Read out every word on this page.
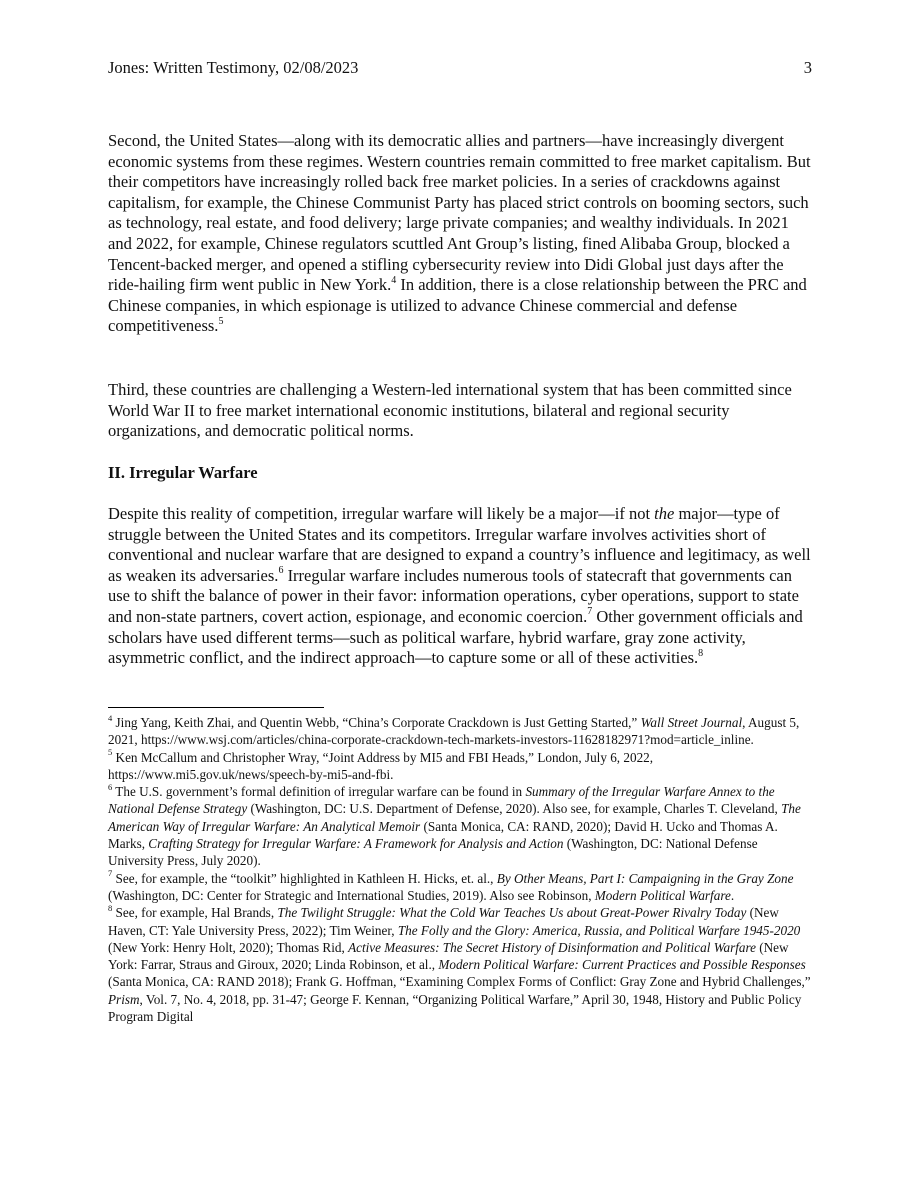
Jones: Written Testimony, 02/08/2023	3

Second, the United States—along with its democratic allies and partners—have increasingly divergent economic systems from these regimes. Western countries remain committed to free market capitalism. But their competitors have increasingly rolled back free market policies. In a series of crackdowns against capitalism, for example, the Chinese Communist Party has placed strict controls on booming sectors, such as technology, real estate, and food delivery; large private companies; and wealthy individuals. In 2021 and 2022, for example, Chinese regulators scuttled Ant Group’s listing, fined Alibaba Group, blocked a Tencent-backed merger, and opened a stifling cybersecurity review into Didi Global just days after the ride-hailing firm went public in New York.$^4$ In addition, there is a close relationship between the PRC and Chinese companies, in which espionage is utilized to advance Chinese commercial and defense competitiveness.$^5$

Third, these countries are challenging a Western-led international system that has been committed since World War II to free market international economic institutions, bilateral and regional security organizations, and democratic political norms.

II. Irregular Warfare

Despite this reality of competition, irregular warfare will likely be a major—if not the major—type of struggle between the United States and its competitors. Irregular warfare involves activities short of conventional and nuclear warfare that are designed to expand a country’s influence and legitimacy, as well as weaken its adversaries.$^6$ Irregular warfare includes numerous tools of statecraft that governments can use to shift the balance of power in their favor: information operations, cyber operations, support to state and non-state partners, covert action, espionage, and economic coercion.$^7$ Other government officials and scholars have used different terms—such as political warfare, hybrid warfare, gray zone activity, asymmetric conflict, and the indirect approach—to capture some or all of these activities.$^8$

$^4$ Jing Yang, Keith Zhai, and Quentin Webb, “China’s Corporate Crackdown is Just Getting Started,” Wall Street Journal, August 5, 2021, https://www.wsj.com/articles/china-corporate-crackdown-tech-markets-investors-11628182971?mod=article_inline.

$^5$ Ken McCallum and Christopher Wray, “Joint Address by MI5 and FBI Heads,” London, July 6, 2022, https://www.mi5.gov.uk/news/speech-by-mi5-and-fbi.

$^6$ The U.S. government’s formal definition of irregular warfare can be found in Summary of the Irregular Warfare Annex to the National Defense Strategy (Washington, DC: U.S. Department of Defense, 2020). Also see, for example, Charles T. Cleveland, The American Way of Irregular Warfare: An Analytical Memoir (Santa Monica, CA: RAND, 2020); David H. Ucko and Thomas A. Marks, Crafting Strategy for Irregular Warfare: A Framework for Analysis and Action (Washington, DC: National Defense University Press, July 2020).

$^7$ See, for example, the “toolkit” highlighted in Kathleen H. Hicks, et. al., By Other Means, Part I: Campaigning in the Gray Zone (Washington, DC: Center for Strategic and International Studies, 2019). Also see Robinson, Modern Political Warfare.

$^8$ See, for example, Hal Brands, The Twilight Struggle: What the Cold War Teaches Us about Great-Power Rivalry Today (New Haven, CT: Yale University Press, 2022); Tim Weiner, The Folly and the Glory: America, Russia, and Political Warfare 1945-2020 (New York: Henry Holt, 2020); Thomas Rid, Active Measures: The Secret History of Disinformation and Political Warfare (New York: Farrar, Straus and Giroux, 2020; Linda Robinson, et al., Modern Political Warfare: Current Practices and Possible Responses (Santa Monica, CA: RAND 2018); Frank G. Hoffman, “Examining Complex Forms of Conflict: Gray Zone and Hybrid Challenges,” Prism, Vol. 7, No. 4, 2018, pp. 31-47; George F. Kennan, “Organizing Political Warfare,” April 30, 1948, History and Public Policy Program Digital
